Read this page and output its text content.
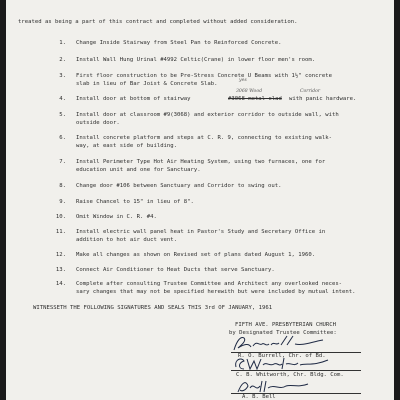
treated as being a part of this contract and completed without added consideration.
1. Change Inside Stairway from Steel Pan to Reinforced Concrete.
2. Install Wall Hung Urinal #4992 Celtic(Crane) in lower floor men's room.
3. First floor construction to be Pre-Stress Concrete U Beams with 1½" concrete
slab in lieu of Bar Joist & Concrete Slab.
yes
3068 Wood	Corridor
4. Install door at bottom of stairway	#3068 metal clad with panic hardware.
5. Install door at classroom #9(3068) and exterior corridor to outside wall, with
outside door.
6. Install concrete platform and steps at C. R. 9, connecting to existing walk-
way, at east side of building.
7. Install Perimeter Type Hot Air Heating System, using two furnaces, one for
education unit and one for Sanctuary.
8. Change door #106 between Sanctuary and Corridor to swing out.
9. Raise Chancel to 15" in lieu of 8".
10. Omit Window in C. R. #4.
11. Install electric wall panel heat in Pastor's Study and Secretary Office in
addition to hot air duct vent.
12. Make all changes as shown on Revised set of plans dated August 1, 1960.
13. Connect Air Conditioner to Heat Ducts that serve Sanctuary.
14. Complete after consulting Trustee Committee and Architect any overlooked neces-
sary changes that may not be specified herewith but were included by mutual intent.
WITNESSETH THE FOLLOWING SIGNATURES AND SEALS THIS 3rd OF JANUARY, 1961
FIFTH AVE. PRESBYTERIAN CHURCH
by Designated Trustee Committee:
R. O. Burrell, Chr. of Bd.
C. B. Whitworth, Chr. Bldg. Com.
A. B. Bell
